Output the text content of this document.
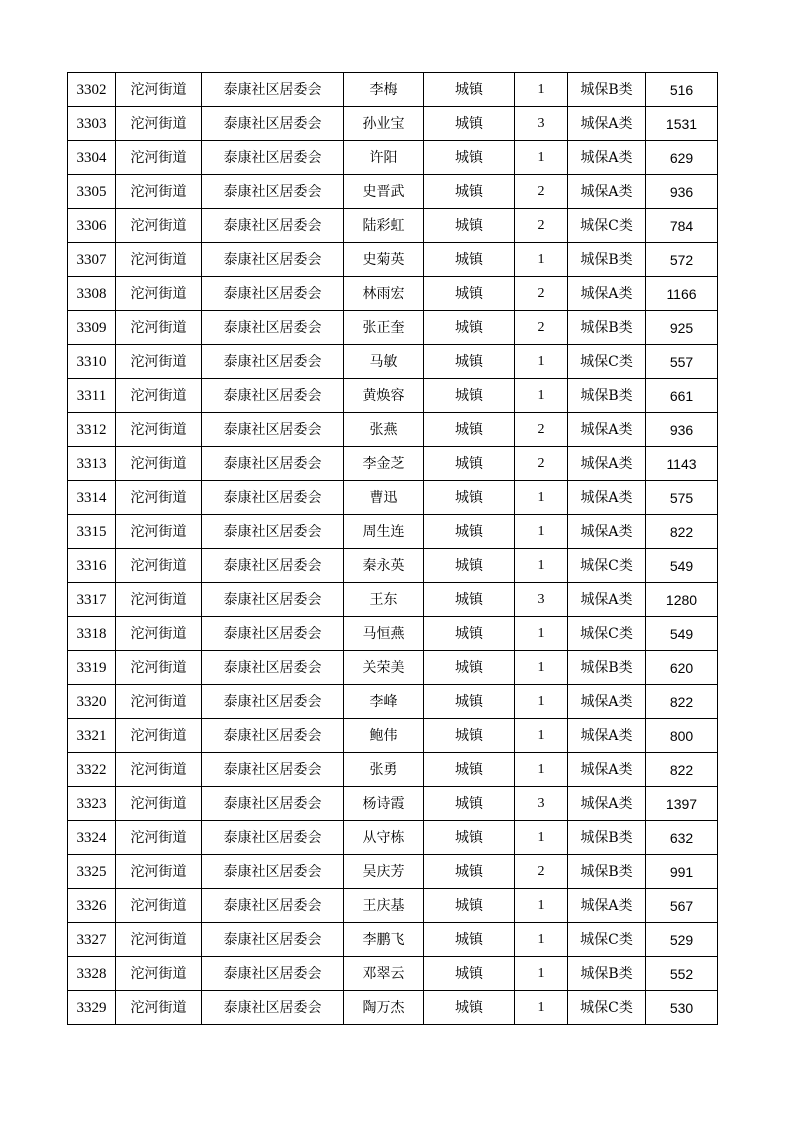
3302	沱河街道	泰康社区居委会	李梅	城镇	1	城保B类	516
3303	沱河街道	泰康社区居委会	孙业宝	城镇	3	城保A类	1531
3304	沱河街道	泰康社区居委会	许阳	城镇	1	城保A类	629
3305	沱河街道	泰康社区居委会	史晋武	城镇	2	城保A类	936
3306	沱河街道	泰康社区居委会	陆彩虹	城镇	2	城保C类	784
3307	沱河街道	泰康社区居委会	史菊英	城镇	1	城保B类	572
3308	沱河街道	泰康社区居委会	林雨宏	城镇	2	城保A类	1166
3309	沱河街道	泰康社区居委会	张正奎	城镇	2	城保B类	925
3310	沱河街道	泰康社区居委会	马敏	城镇	1	城保C类	557
3311	沱河街道	泰康社区居委会	黄焕容	城镇	1	城保B类	661
3312	沱河街道	泰康社区居委会	张燕	城镇	2	城保A类	936
3313	沱河街道	泰康社区居委会	李金芝	城镇	2	城保A类	1143
3314	沱河街道	泰康社区居委会	曹迅	城镇	1	城保A类	575
3315	沱河街道	泰康社区居委会	周生连	城镇	1	城保A类	822
3316	沱河街道	泰康社区居委会	秦永英	城镇	1	城保C类	549
3317	沱河街道	泰康社区居委会	王东	城镇	3	城保A类	1280
3318	沱河街道	泰康社区居委会	马恒燕	城镇	1	城保C类	549
3319	沱河街道	泰康社区居委会	关荣美	城镇	1	城保B类	620
3320	沱河街道	泰康社区居委会	李峰	城镇	1	城保A类	822
3321	沱河街道	泰康社区居委会	鲍伟	城镇	1	城保A类	800
3322	沱河街道	泰康社区居委会	张勇	城镇	1	城保A类	822
3323	沱河街道	泰康社区居委会	杨诗霞	城镇	3	城保A类	1397
3324	沱河街道	泰康社区居委会	从守栋	城镇	1	城保B类	632
3325	沱河街道	泰康社区居委会	吴庆芳	城镇	2	城保B类	991
3326	沱河街道	泰康社区居委会	王庆基	城镇	1	城保A类	567
3327	沱河街道	泰康社区居委会	李鹏飞	城镇	1	城保C类	529
3328	沱河街道	泰康社区居委会	邓翠云	城镇	1	城保B类	552
3329	沱河街道	泰康社区居委会	陶万杰	城镇	1	城保C类	530
